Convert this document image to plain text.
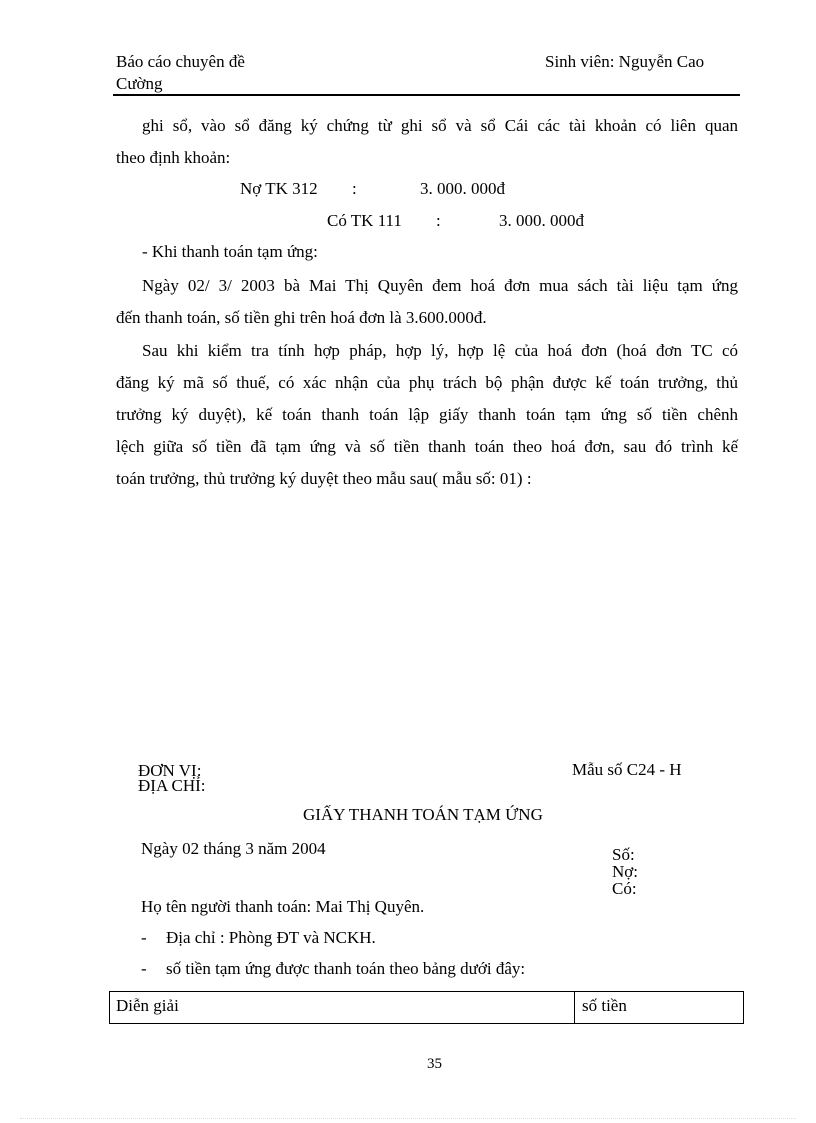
Báo cáo chuyên đề
Cường
Sinh viên: Nguyễn Cao
ghi sổ, vào sổ đăng ký chứng từ ghi sổ và sổ Cái các tài khoản có liên quan
theo định khoản:
Nợ TK 312 :	3. 000. 000đ
Có TK 111 :	3. 000. 000đ
- Khi thanh toán tạm ứng:
Ngày 02/ 3/ 2003 bà Mai Thị Quyên đem hoá đơn mua sách tài liệu tạm ứng
đến thanh toán, số tiền ghi trên hoá đơn là 3.600.000đ.
Sau khi kiểm tra tính hợp pháp, hợp lý, hợp lệ của hoá đơn (hoá đơn TC có
đăng ký mã số thuế, có xác nhận của phụ trách bộ phận được kế toán trưởng, thủ
trưởng ký duyệt), kế toán thanh toán lập giấy thanh toán tạm ứng số tiền chênh
lệch giữa số tiền đã tạm ứng và số tiền thanh toán theo hoá đơn, sau đó trình kế
toán trưởng, thủ trưởng ký duyệt theo mẫu sau( mẫu số: 01) :
ĐƠN VỊ:
ĐỊA CHỈ:
Mẫu số C24 - H
GIẤY THANH TOÁN TẠM ỨNG
Ngày 02 tháng 3 năm 2004	Số:
Nợ:
Có:
Họ tên người thanh toán: Mai Thị Quyên.
- Địa chỉ : Phòng ĐT và NCKH.
- số tiền tạm ứng được thanh toán theo bảng dưới đây:
Diễn giải	số tiền
35
